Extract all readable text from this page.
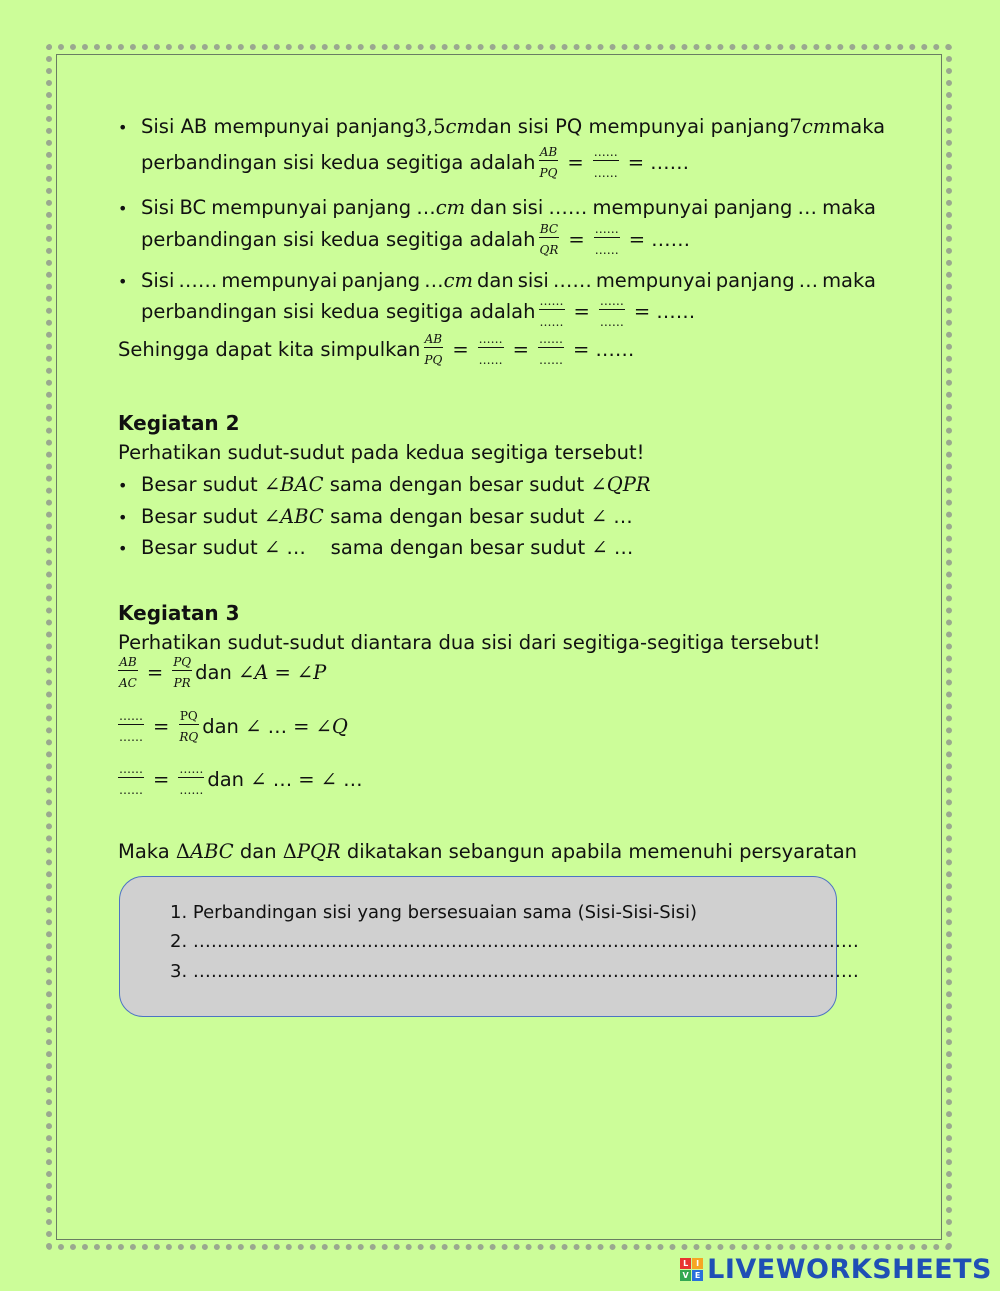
• Sisi AB mempunyai panjang 3,5cm dan sisi PQ mempunyai panjang 7cm maka
perbandingan sisi kedua segitiga adalah $\frac{AB}{PQ} = \frac{\dots\dots}{\dots\dots}$ = ……
• Sisi BC mempunyai panjang …cm dan sisi …… mempunyai panjang … maka
perbandingan sisi kedua segitiga adalah $\frac{BC}{QR} = \frac{\dots\dots}{\dots\dots}$ = ……
• Sisi …… mempunyai panjang …cm dan sisi …… mempunyai panjang … maka
perbandingan sisi kedua segitiga adalah $\frac{\dots\dots}{\dots\dots} = \frac{\dots\dots}{\dots\dots}$ = ……
Sehingga dapat kita simpulkan $\frac{AB}{PQ} = \frac{\dots\dots}{\dots\dots} = \frac{\dots\dots}{\dots\dots}$ = ……
Kegiatan 2
Perhatikan sudut-sudut pada kedua segitiga tersebut!
• Besar sudut
∠ BAC
sama dengan besar sudut
∠ QPR
• Besar sudut
∠ ABC
sama dengan besar sudut
∠
…
• Besar sudut
∠
…
sama dengan besar sudut
∠
…
Kegiatan 3
Perhatikan sudut-sudut diantara dua sisi dari segitiga-segitiga tersebut!
$\frac{AB}{AC} = \frac{PQ}{PR}$ dan
∠ A = ∠ P
$\frac{\dots\dots}{\dots\dots} = \frac{PQ}{RQ}$ dan
∠
… = ∠ Q
$\frac{\dots\dots}{\dots\dots} = \frac{\dots\dots}{\dots\dots}$ dan
∠
… = ∠
…
Maka
Δ ABC
dan
Δ PQR
dikatakan sebangun apabila memenuhi persyaratan
1. Perbandingan sisi yang bersesuaian sama (Sisi-Sisi-Sisi)
2. …………………………………………………………………………………………………
3. …………………………………………………………………………………………………
L I
V E LIVEWORKSHEETS
